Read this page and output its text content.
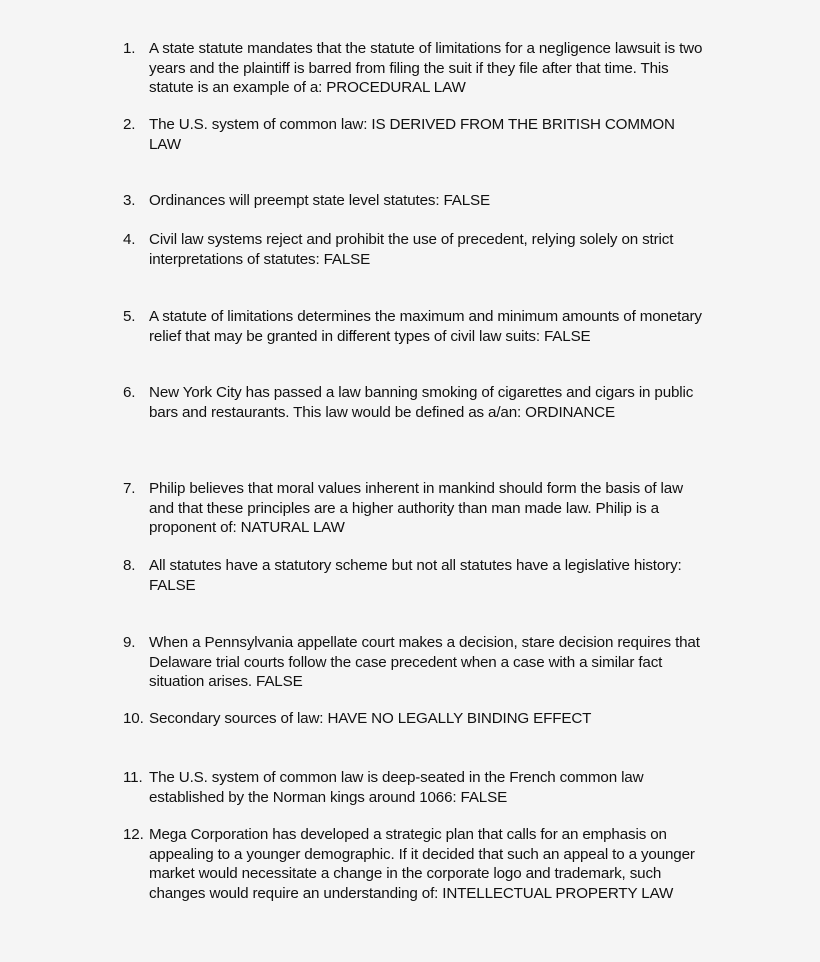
1. A state statute mandates that the statute of limitations for a negligence lawsuit is two years and the plaintiff is barred from filing the suit if they file after that time. This statute is an example of a: PROCEDURAL LAW
2. The U.S. system of common law: IS DERIVED FROM THE BRITISH COMMON LAW
3. Ordinances will preempt state level statutes: FALSE
4. Civil law systems reject and prohibit the use of precedent, relying solely on strict interpretations of statutes: FALSE
5. A statute of limitations determines the maximum and minimum amounts of monetary relief that may be granted in different types of civil law suits: FALSE
6. New York City has passed a law banning smoking of cigarettes and cigars in public bars and restaurants. This law would be defined as a/an: ORDINANCE
7. Philip believes that moral values inherent in mankind should form the basis of law and that these principles are a higher authority than man made law. Philip is a proponent of: NATURAL LAW
8. All statutes have a statutory scheme but not all statutes have a legislative history: FALSE
9. When a Pennsylvania appellate court makes a decision, stare decision requires that Delaware trial courts follow the case precedent when a case with a similar fact situation arises. FALSE
10. Secondary sources of law: HAVE NO LEGALLY BINDING EFFECT
11. The U.S. system of common law is deep-seated in the French common law established by the Norman kings around 1066: FALSE
12. Mega Corporation has developed a strategic plan that calls for an emphasis on appealing to a younger demographic. If it decided that such an appeal to a younger market would necessitate a change in the corporate logo and trademark, such changes would require an understanding of: INTELLECTUAL PROPERTY LAW
